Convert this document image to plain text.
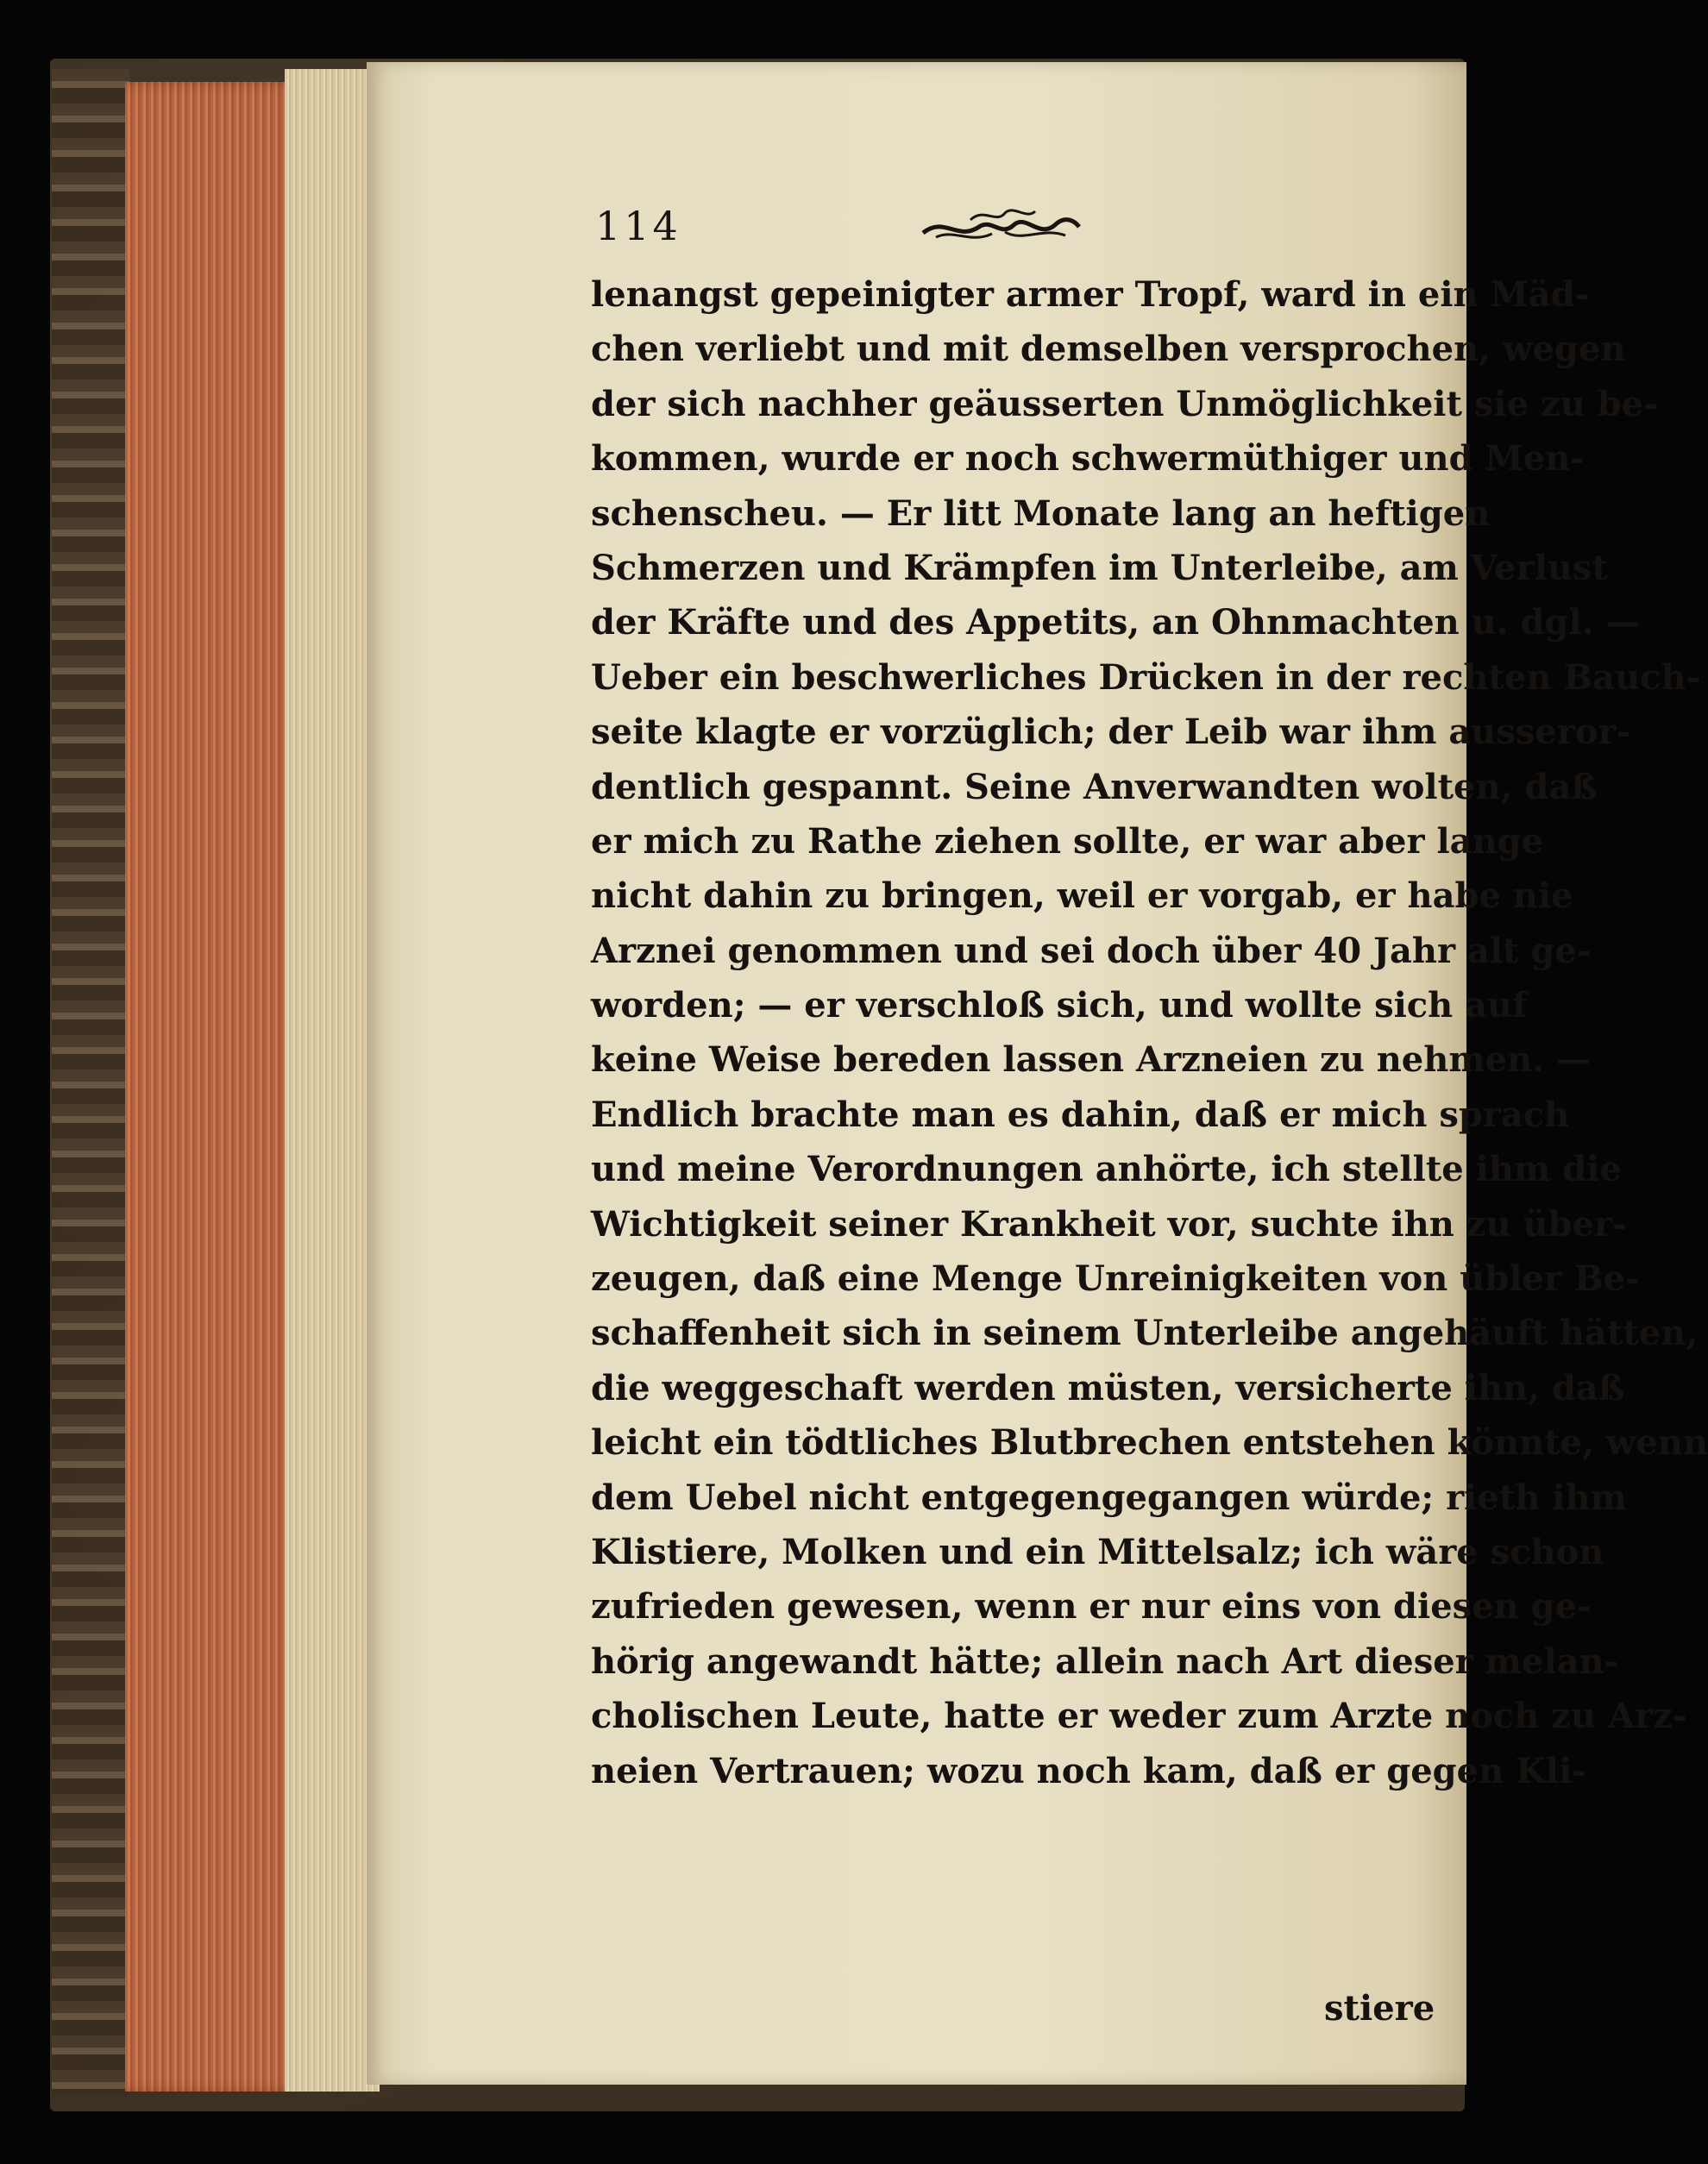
114
lenangst gepeinigter armer Tropf, ward in ein Mäd-
chen verliebt und mit demselben versprochen, wegen
der sich nachher geäusserten Unmöglichkeit sie zu be-
kommen, wurde er noch schwermüthiger und Men-
schenscheu. — Er litt Monate lang an heftigen
Schmerzen und Krämpfen im Unterleibe, am Verlust
der Kräfte und des Appetits, an Ohnmachten u. dgl. —
Ueber ein beschwerliches Drücken in der rechten Bauch-
seite klagte er vorzüglich; der Leib war ihm ausseror-
dentlich gespannt. Seine Anverwandten wolten, daß
er mich zu Rathe ziehen sollte, er war aber lange
nicht dahin zu bringen, weil er vorgab, er habe nie
Arznei genommen und sei doch über 40 Jahr alt ge-
worden; — er verschloß sich, und wollte sich auf
keine Weise bereden lassen Arzneien zu nehmen. —
Endlich brachte man es dahin, daß er mich sprach
und meine Verordnungen anhörte, ich stellte ihm die
Wichtigkeit seiner Krankheit vor, suchte ihn zu über-
zeugen, daß eine Menge Unreinigkeiten von übler Be-
schaffenheit sich in seinem Unterleibe angehäuft hätten,
die weggeschaft werden müsten, versicherte ihn, daß
leicht ein tödtliches Blutbrechen entstehen könnte, wenn
dem Uebel nicht entgegengegangen würde; rieth ihm
Klistiere, Molken und ein Mittelsalz; ich wäre schon
zufrieden gewesen, wenn er nur eins von diesen ge-
hörig angewandt hätte; allein nach Art dieser melan-
cholischen Leute, hatte er weder zum Arzte noch zu Arz-
neien Vertrauen; wozu noch kam, daß er gegen Kli-
stiere
